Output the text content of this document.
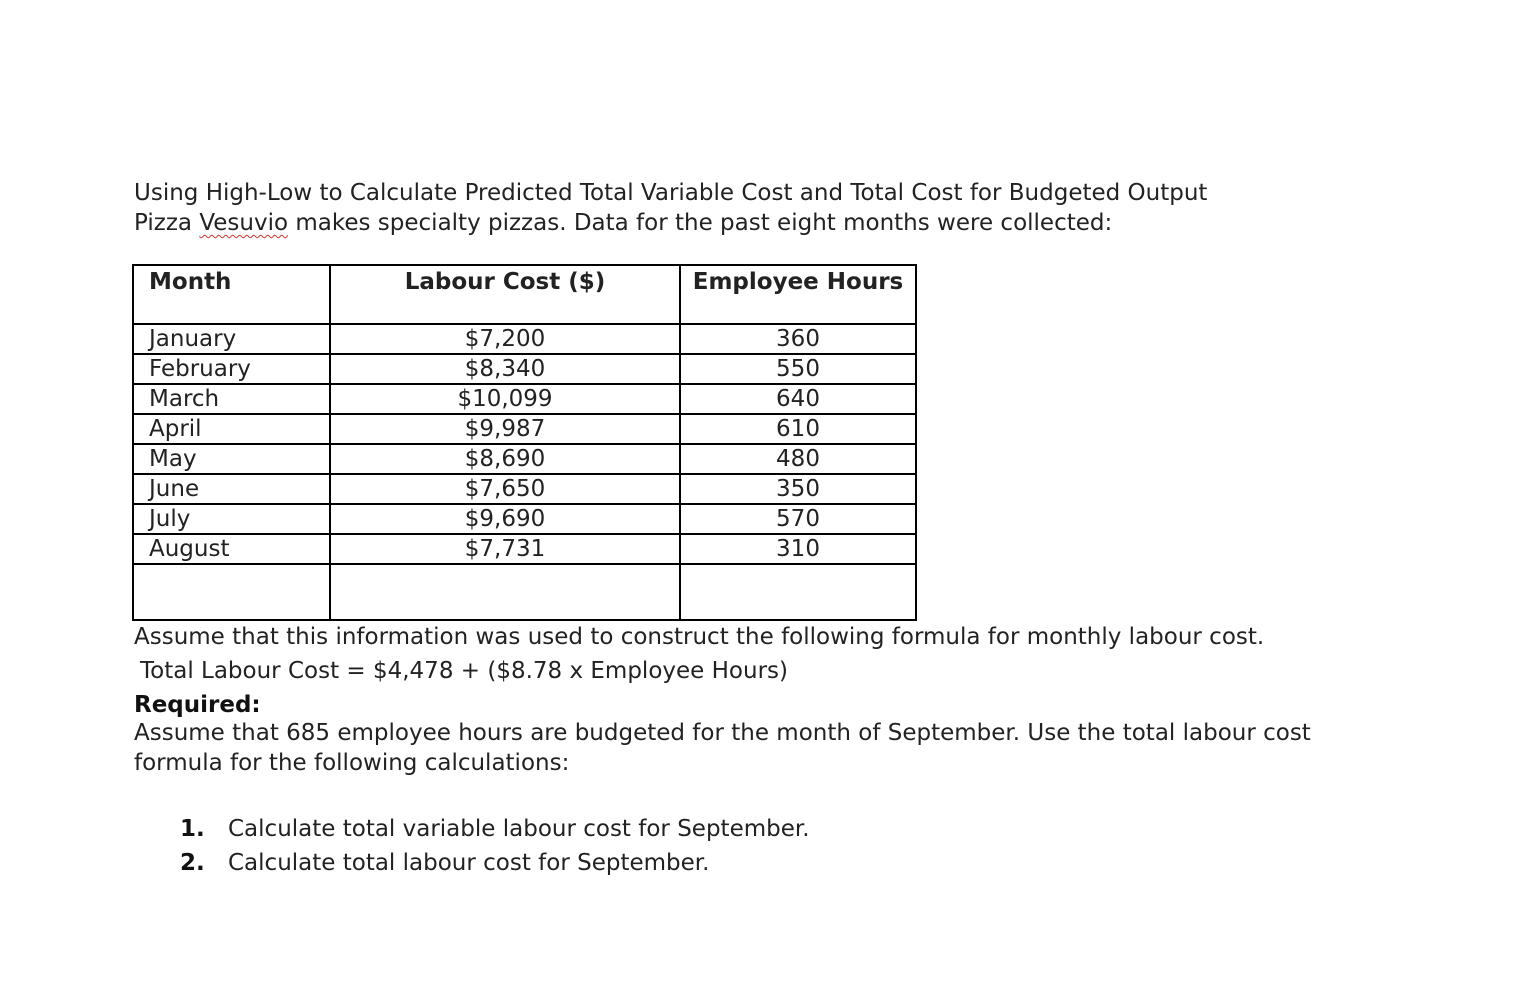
Using High-Low to Calculate Predicted Total Variable Cost and Total Cost for Budgeted Output
Pizza Vesuvio makes specialty pizzas. Data for the past eight months were collected:
Month	Labour Cost ($)	Employee Hours
January	$7,200	360
February	$8,340	550
March	$10,099	640
April	$9,987	610
May	$8,690	480
June	$7,650	350
July	$9,690	570
August	$7,731	310

Assume that this information was used to construct the following formula for monthly labour cost.
Total Labour Cost = $4,478 + ($8.78 x Employee Hours)
Required:
Assume that 685 employee hours are budgeted for the month of September. Use the total labour cost
formula for the following calculations:
1. Calculate total variable labour cost for September.
2. Calculate total labour cost for September.
